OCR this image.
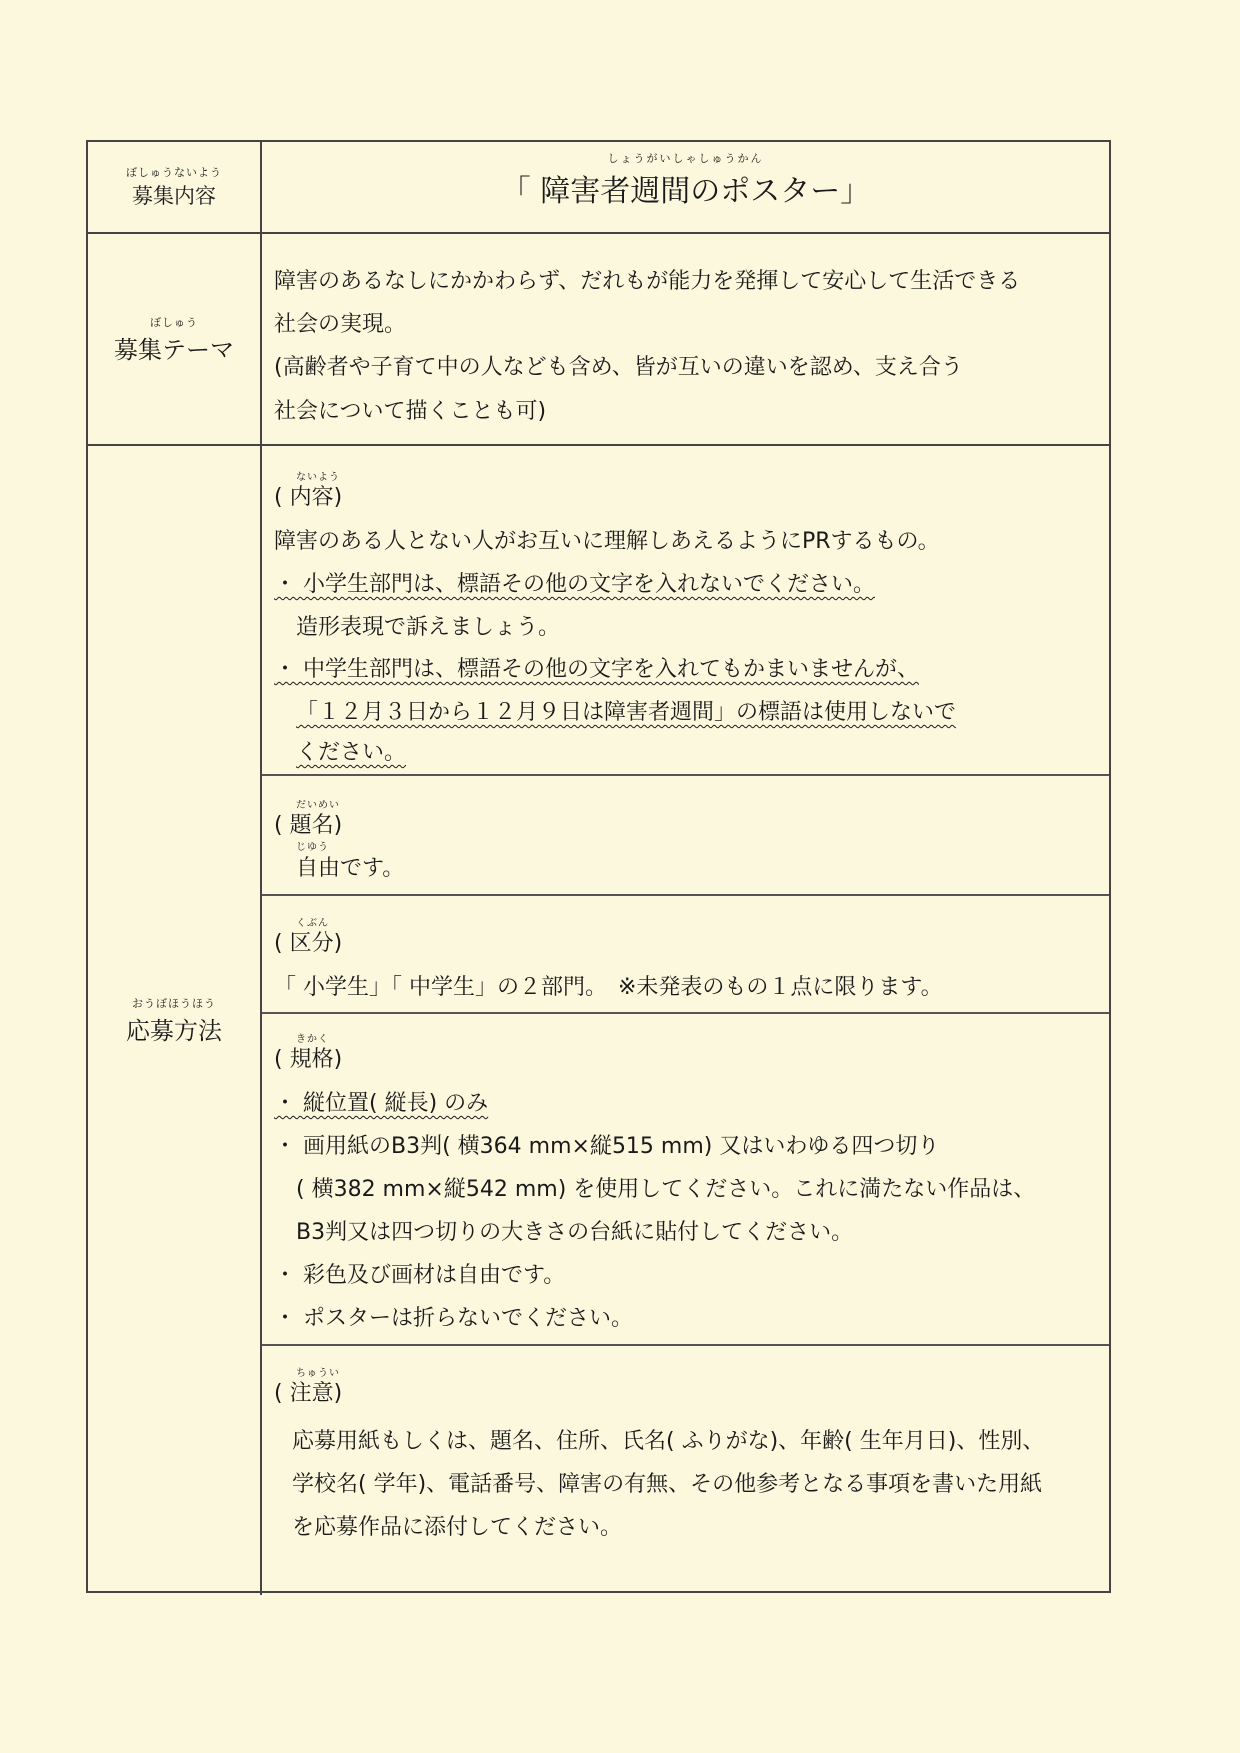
ぼしゅうないよう
募集内容
しょうがいしゃしゅうかん
「 障害者週間のポスター」
ぼしゅう
募集テーマ
障害のあるなしにかかわらず、だれもが能力を発揮して安心して生活できる
社会の実現。
(高齢者や子育て中の人なども含め、皆が互いの違いを認め、支え合う
社会について描くことも可)
おうぼほうほう
応募方法
ないよう
( 内容)
障害のある人とない人がお互いに理解しあえるようにPRするもの。
・ 小学生部門は、標語その他の文字を入れないでください。
造形表現で訴えましょう。
・ 中学生部門は、標語その他の文字を入れてもかまいませんが、
「１２月３日から１２月９日は障害者週間」の標語は使用しないで
ください。
だいめい
( 題名)
じゆう
自由です。
くぶん
( 区分)
「 小学生」「 中学生」の２部門。　※未発表のもの１点に限ります。
きかく
( 規格)
・ 縦位置( 縦長) のみ
・ 画用紙のB3判( 横364 mm×縦515 mm) 又はいわゆる四つ切り
( 横382 mm×縦542 mm) を使用してください。これに満たない作品は、
B3判又は四つ切りの大きさの台紙に貼付してください。
・ 彩色及び画材は自由です。
・ ポスターは折らないでください。
ちゅうい
( 注意)
応募用紙もしくは、題名、住所、氏名( ふりがな)、年齢( 生年月日)、性別、
学校名( 学年)、電話番号、障害の有無、その他参考となる事項を書いた用紙
を応募作品に添付してください。
